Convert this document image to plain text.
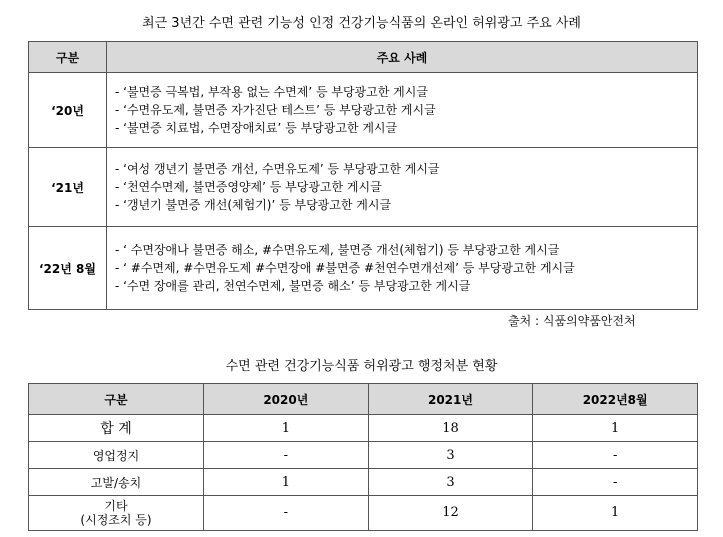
최근 3년간 수면 관련 기능성 인정 건강기능식품의 온라인 허위광고 주요 사례
구분	주요 사례
‘20년	- ‘불면증 극복법, 부작용 없는 수면제’ 등 부당광고한 게시글
- ‘수면유도제, 불면증 자가진단 테스트’ 등 부당광고한 게시글
- ‘불면증 치료법, 수면장애치료’ 등 부당광고한 게시글

‘21년	- ‘여성 갱년기 불면증 개선, 수면유도제’ 등 부당광고한 게시글
- ‘천연수면제, 불면증영양제’ 등 부당광고한 게시글
- ‘갱년기 불면증 개선(체험기)’ 등 부당광고한 게시글

‘22년 8월	- ‘ 수면장애나 불면증 해소, #수면유도제, 불면증 개선(체험기) 등 부당광고한 게시글
- ‘ #수면제, #수면유도제 #수면장애 #불면증 #천연수면개선제’ 등 부당광고한 게시글
- ‘수면 장애를 관리, 천연수면제, 불면증 해소’ 등 부당광고한 게시글
출처 : 식품의약품안전처
수면 관련 건강기능식품 허위광고 행정처분 현황
구분	2020년	2021년	2022년8월
합 계	1	18	1
영업정지	-	3	-
고발/송치	1	3	-

기타
(시정조치 등)	-	12	1
